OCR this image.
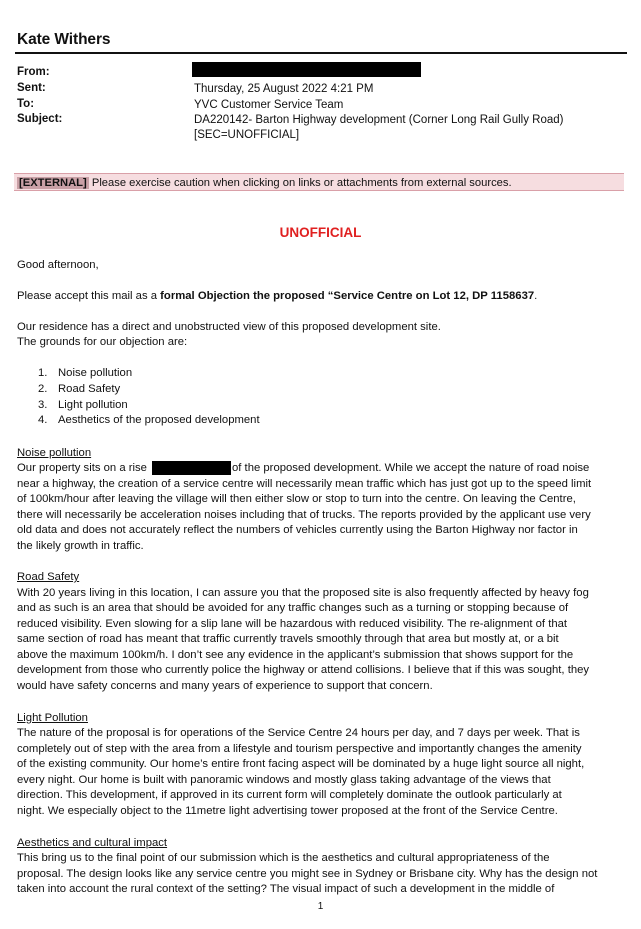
Kate Withers
From:
Sent:	Thursday, 25 August 2022 4:21 PM
To:	YVC Customer Service Team
Subject:	DA220142- Barton Highway development (Corner Long Rail Gully Road)
[SEC=UNOFFICIAL]
[EXTERNAL] Please exercise caution when clicking on links or attachments from external sources.
UNOFFICIAL
Good afternoon,
Please accept this mail as a formal Objection the proposed “Service Centre on Lot 12, DP 1158637.
Our residence has a direct and unobstructed view of this proposed development site.
The grounds for our objection are:
1. Noise pollution
2. Road Safety
3. Light pollution
4. Aesthetics of the proposed development
Noise pollution
Our property sits on a rise	of the proposed development. While we accept the nature of road noise
near a highway, the creation of a service centre will necessarily mean traffic which has just got up to the speed limit
of 100km/hour after leaving the village will then either slow or stop to turn into the centre. On leaving the Centre,
there will necessarily be acceleration noises including that of trucks. The reports provided by the applicant use very
old data and does not accurately reflect the numbers of vehicles currently using the Barton Highway nor factor in
the likely growth in traffic.
Road Safety
With 20 years living in this location, I can assure you that the proposed site is also frequently affected by heavy fog
and as such is an area that should be avoided for any traffic changes such as a turning or stopping because of
reduced visibility. Even slowing for a slip lane will be hazardous with reduced visibility. The re-alignment of that
same section of road has meant that traffic currently travels smoothly through that area but mostly at, or a bit
above the maximum 100km/h. I don’t see any evidence in the applicant’s submission that shows support for the
development from those who currently police the highway or attend collisions. I believe that if this was sought, they
would have safety concerns and many years of experience to support that concern.
Light Pollution
The nature of the proposal is for operations of the Service Centre 24 hours per day, and 7 days per week. That is
completely out of step with the area from a lifestyle and tourism perspective and importantly changes the amenity
of the existing community. Our home’s entire front facing aspect will be dominated by a huge light source all night,
every night. Our home is built with panoramic windows and mostly glass taking advantage of the views that
direction. This development, if approved in its current form will completely dominate the outlook particularly at
night. We especially object to the 11metre light advertising tower proposed at the front of the Service Centre.
Aesthetics and cultural impact
This bring us to the final point of our submission which is the aesthetics and cultural appropriateness of the
proposal. The design looks like any service centre you might see in Sydney or Brisbane city. Why has the design not
taken into account the rural context of the setting? The visual impact of such a development in the middle of
1
